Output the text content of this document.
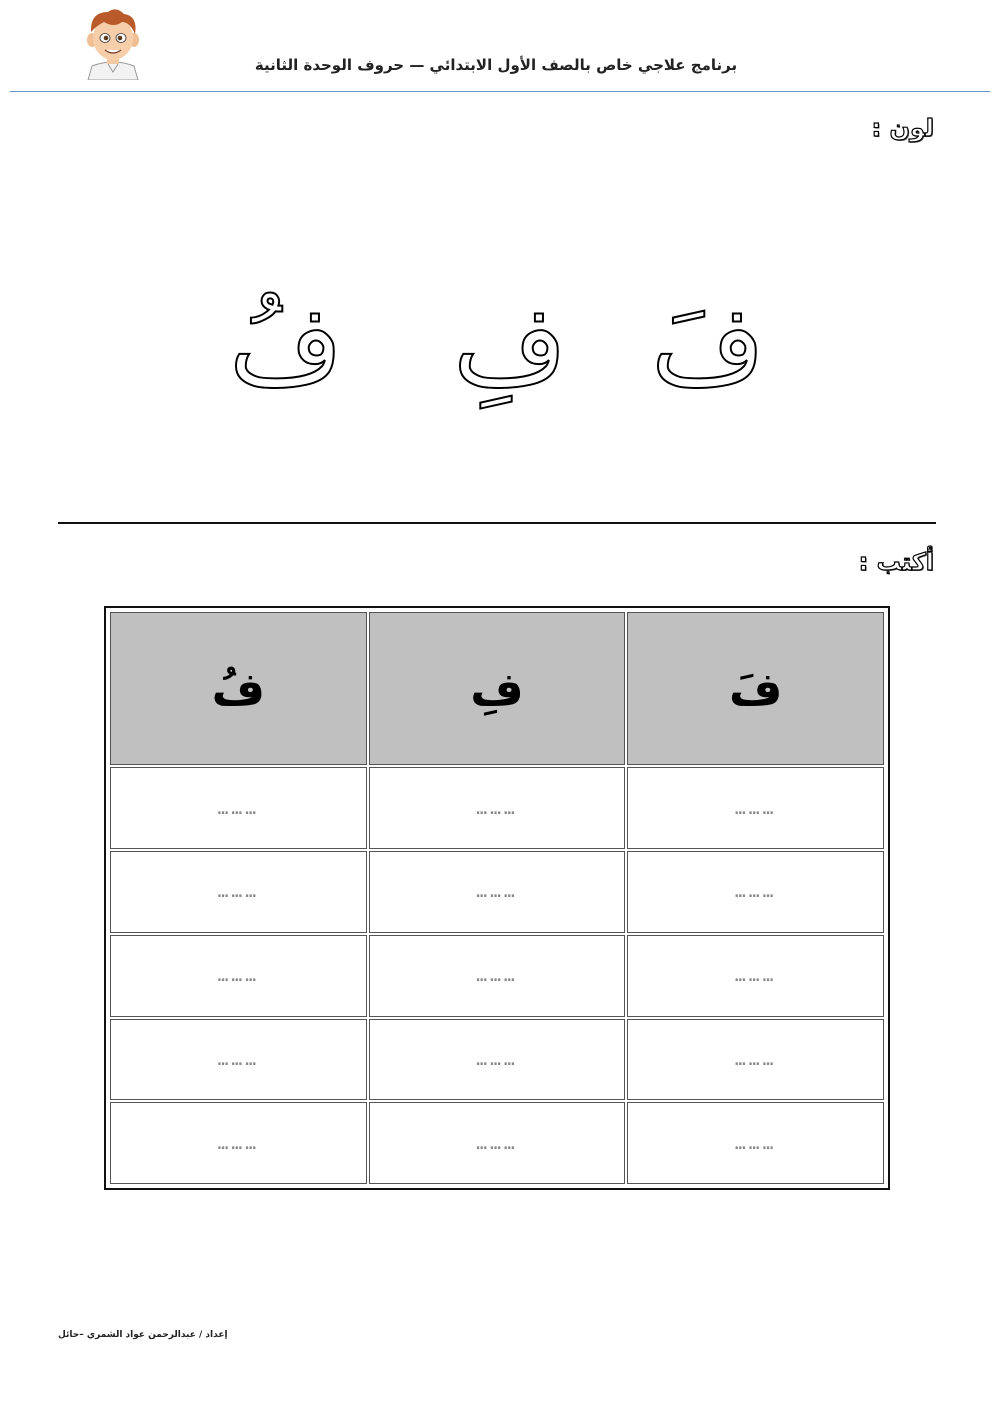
برنامج علاجي خاص بالصف الأول الابتدائي — حروف الوحدة الثانية
لون :
فَ
فِ
فُ
أكتب :
فَ	فِ	فُ
………	………	………
………	………	………
………	………	………
………	………	………
………	………	………
إعداد / عبدالرحمن عواد الشمري –حائل
